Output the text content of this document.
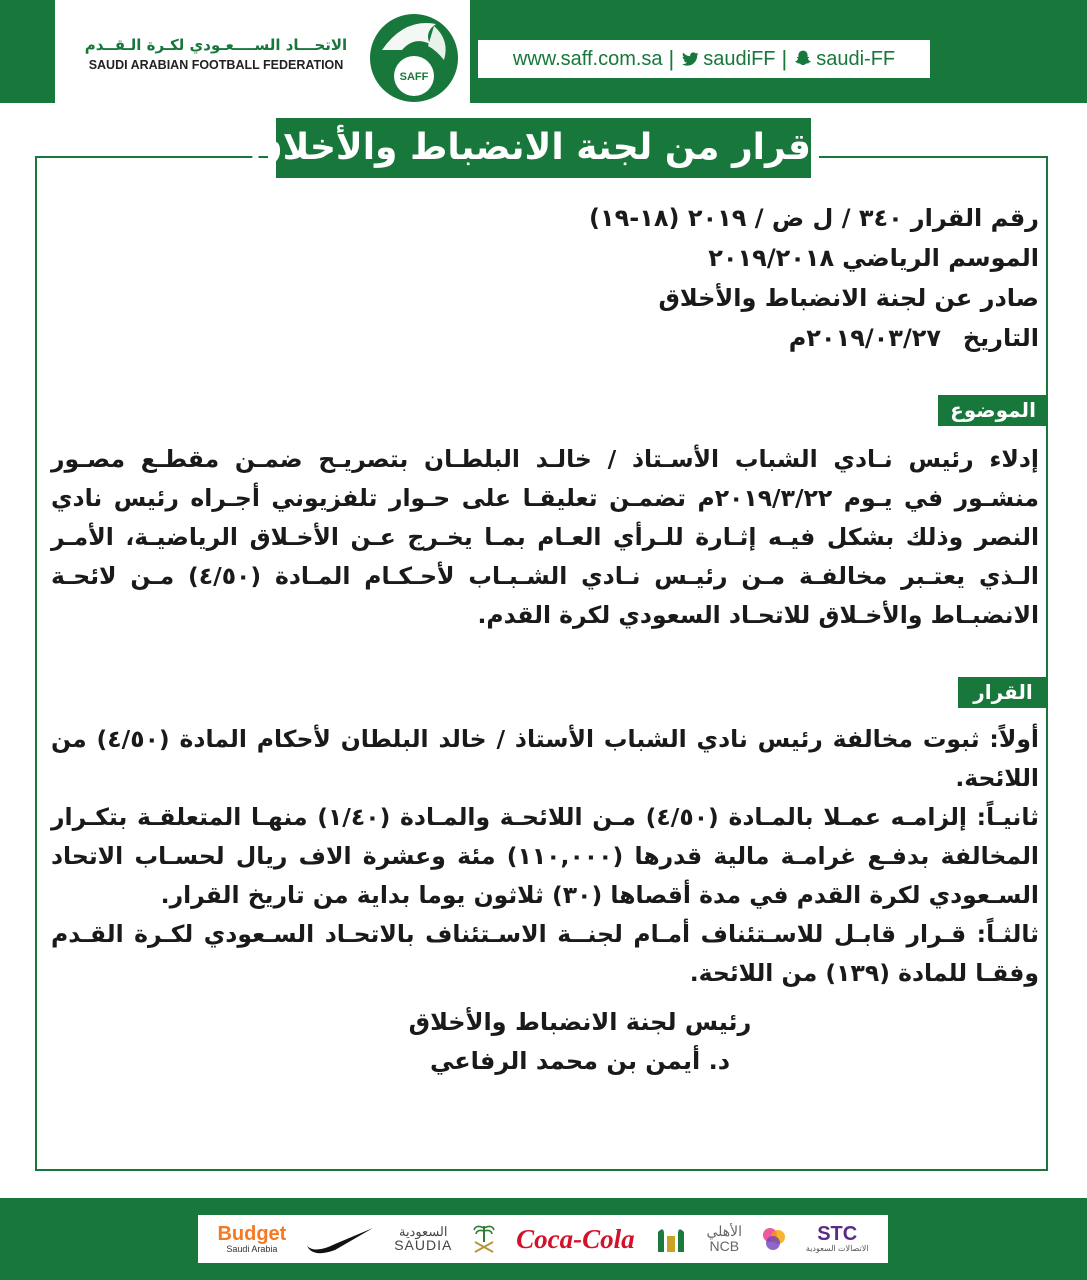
الاتحـــاد الســــعـودي لكـرة الـقــدم
SAUDI ARABIAN FOOTBALL FEDERATION
SAFF
www.saff.com.sa | saudiFF | saudi-FF
قرار من لجنة الانضباط والأخلاق
رقم القرار٣٤٠ / ل ض / ٢٠١٩ (١٨-١٩)
الموسم الرياضي٢٠١٩/٢٠١٨
صادر عنلجنة الانضباط والأخلاق
التاريخ٢٠١٩/٠٣/٢٧م
الموضوع

إدلاء رئيس نـادي الشباب الأسـتاذ / خالـد البلطـان بتصريـح ضمـن مقطـع مصـور منشـور في يـوم ٢٠١٩/٣/٢٢م تضمـن تعليقـا على حـوار تلفزيوني أجـراه رئيس نادي النصر وذلك بشكل فيـه إثـارة للـرأي العـام بمـا يخـرج عـن الأخـلاق الرياضيـة، الأمـر الـذي يعتـبر مخالفـة مـن رئيـس نـادي الشـبـاب لأحـكـام المـادة (٤/٥٠) مـن لائحـة الانضبـاط والأخـلاق للاتحـاد السعودي لكرة القدم.

القرار

أولاً: ثبوت مخالفة رئيس نادي الشباب الأستاذ / خالد البلطان لأحكام المادة (٤/٥٠) من اللائحة.

ثانيـاً: إلزامـه عمـلا بالمـادة (٤/٥٠) مـن اللائحـة والمـادة (١/٤٠) منهـا المتعلقـة بتكـرار المخالفة بدفـع غرامـة مالية قدرها (١١٠,٠٠٠) مئة وعشرة الاف ريال لحسـاب الاتحاد السـعودي لكرة القدم في مدة أقصاها (٣٠) ثلاثون يوما بداية من تاريخ القرار.

ثالثـاً: قـرار قابـل للاسـتئناف أمـام لجنــة الاسـتئناف بالاتحـاد السـعودي لكـرة القـدم وفقـا للمادة (١٣٩) من اللائحة.

رئيس لجنة الانضباط والأخلاق
د. أيمن بن محمد الرفاعي
Budget
Saudi Arabia
السعودية
SAUDIA Coca-Cola	الأهلي
NCB
STC
الاتصالات السعودية
